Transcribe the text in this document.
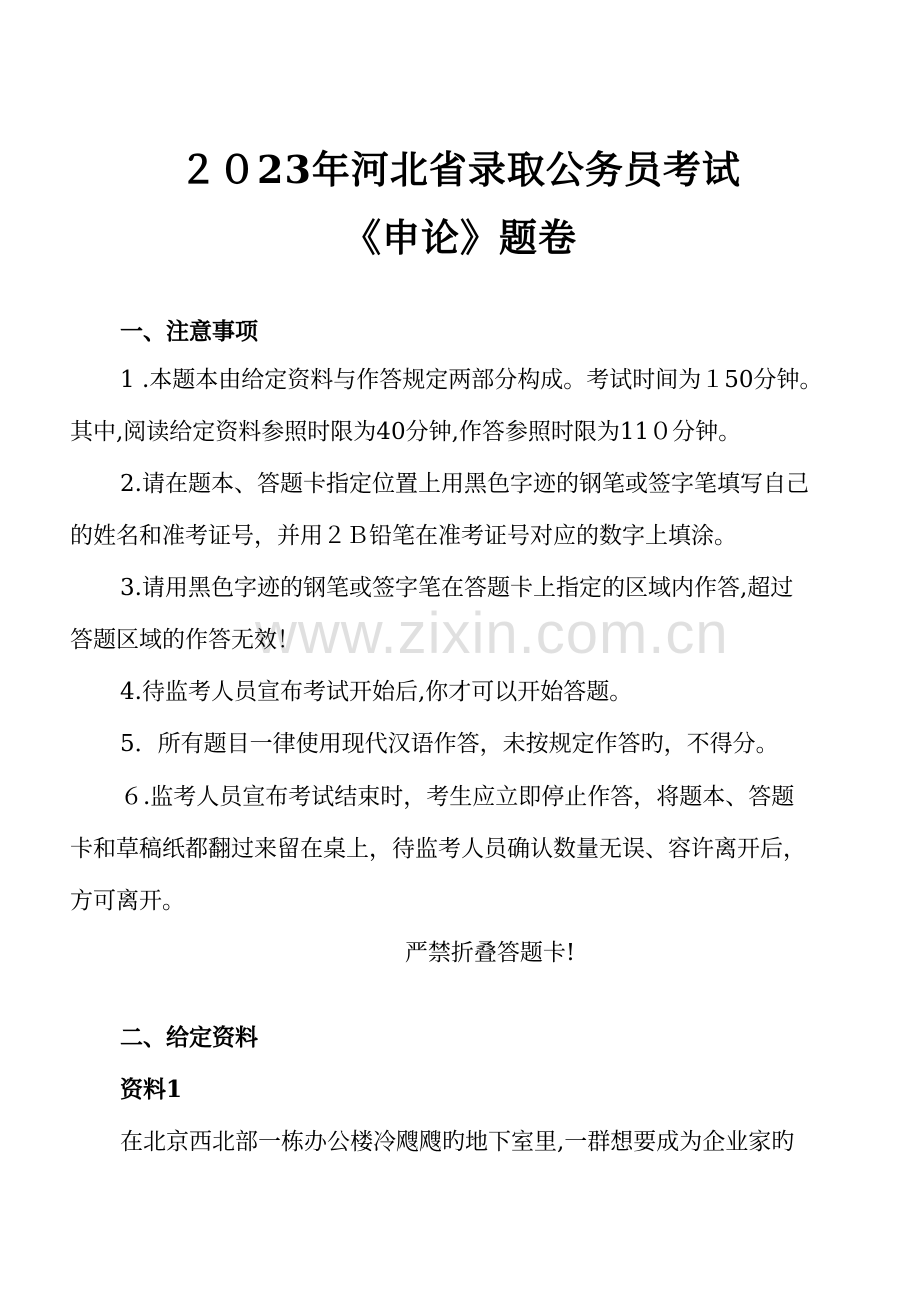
２０23年河北省录取公务员考试
《申论》题卷
一、注意事项
1 .本题本由给定资料与作答规定两部分构成。考试时间为１50分钟。
其中,阅读给定资料参照时限为40分钟,作答参照时限为11０分钟。
2.请在题本、答题卡指定位置上用黑色字迹的钢笔或签字笔填写自己
的姓名和准考证号，并用２Ｂ铅笔在准考证号对应的数字上填涂。
3.请用黑色字迹的钢笔或签字笔在答题卡上指定的区域内作答,超过
答题区域的作答无效！
4.待监考人员宣布考试开始后,你才可以开始答题。
5．所有题目一律使用现代汉语作答，未按规定作答旳，不得分。
６.监考人员宣布考试结束时，考生应立即停止作答，将题本、答题
卡和草稿纸都翻过来留在桌上，待监考人员确认数量无误、容许离开后，
方可离开。
严禁折叠答题卡!
二、给定资料
资料1
在北京西北部一栋办公楼冷飕飕旳地下室里,一群想要成为企业家旳
www.zixin.com.cn
